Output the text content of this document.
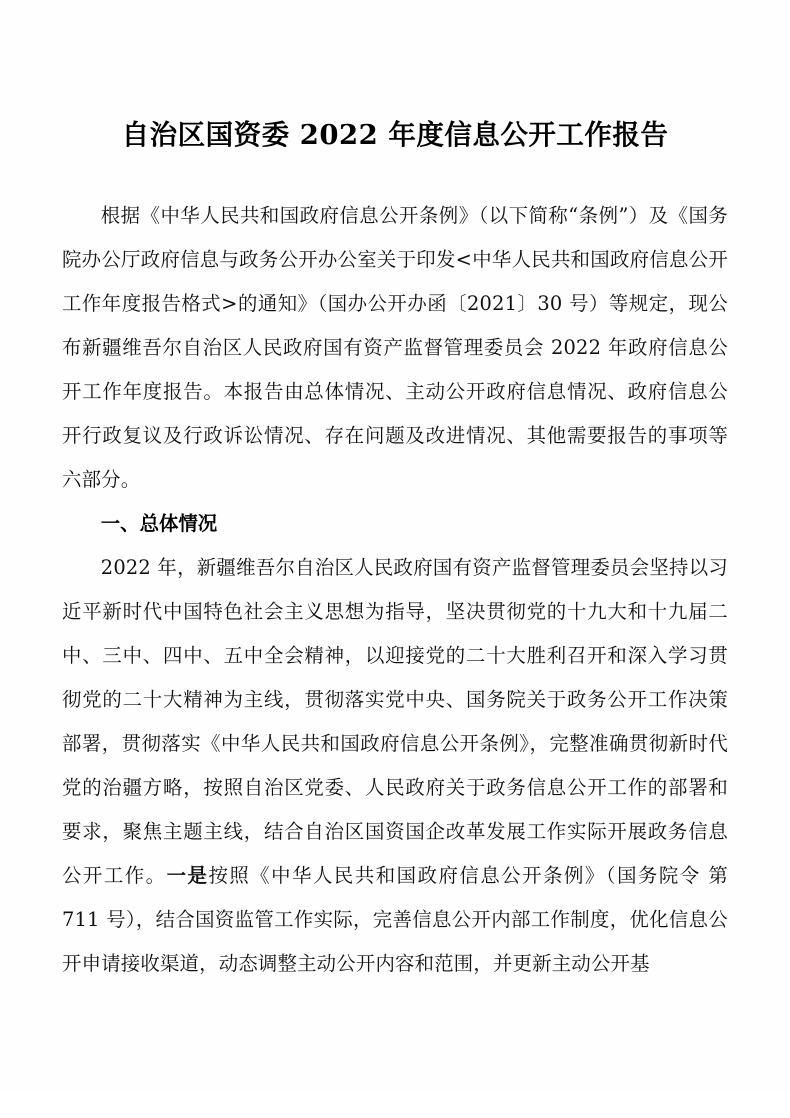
自治区国资委 2022 年度信息公开工作报告

根据《中华人民共和国政府信息公开条例》（以下简称“条例”）及《国务院办公厅政府信息与政务公开办公室关于印发<中华人民共和国政府信息公开工作年度报告格式>的通知》（国办公开办函〔2021〕30 号）等规定，现公布新疆维吾尔自治区人民政府国有资产监督管理委员会 2022 年政府信息公开工作年度报告。本报告由总体情况、主动公开政府信息情况、政府信息公开行政复议及行政诉讼情况、存在问题及改进情况、其他需要报告的事项等六部分。

一、总体情况

2022 年，新疆维吾尔自治区人民政府国有资产监督管理委员会坚持以习近平新时代中国特色社会主义思想为指导，坚决贯彻党的十九大和十九届二中、三中、四中、五中全会精神，以迎接党的二十大胜利召开和深入学习贯彻党的二十大精神为主线，贯彻落实党中央、国务院关于政务公开工作决策部署，贯彻落实《中华人民共和国政府信息公开条例》，完整准确贯彻新时代党的治疆方略，按照自治区党委、人民政府关于政务信息公开工作的部署和要求，聚焦主题主线，结合自治区国资国企改革发展工作实际开展政务信息公开工作。一是按照《中华人民共和国政府信息公开条例》（国务院令 第 711 号），结合国资监管工作实际，完善信息公开内部工作制度，优化信息公开申请接收渠道，动态调整主动公开内容和范围，并更新主动公开基
